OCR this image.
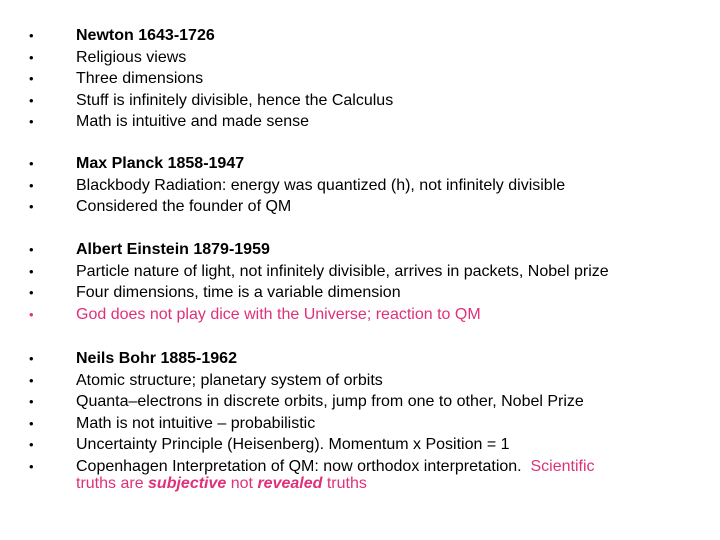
•	Newton 1643-1726
•	Religious views
•	Three dimensions
•	Stuff is infinitely divisible, hence the Calculus
•	Math is intuitive and made sense
•	Max Planck 1858-1947
•	Blackbody Radiation: energy was quantized (h), not infinitely divisible
•	Considered the founder of QM
•	Albert Einstein 1879-1959
•	Particle nature of light, not infinitely divisible, arrives in packets, Nobel prize
•	Four dimensions, time is a variable dimension
•	God does not play dice with the Universe; reaction to QM
•	Neils Bohr 1885-1962
•	Atomic structure; planetary system of orbits
•	Quanta–electrons in discrete orbits, jump from one to other, Nobel Prize
•	Math is not intuitive – probabilistic
•	Uncertainty Principle (Heisenberg). Momentum x Position = 1
•	Copenhagen Interpretation of QM: now orthodox interpretation. Scientific
truths are subjective not revealed truths
